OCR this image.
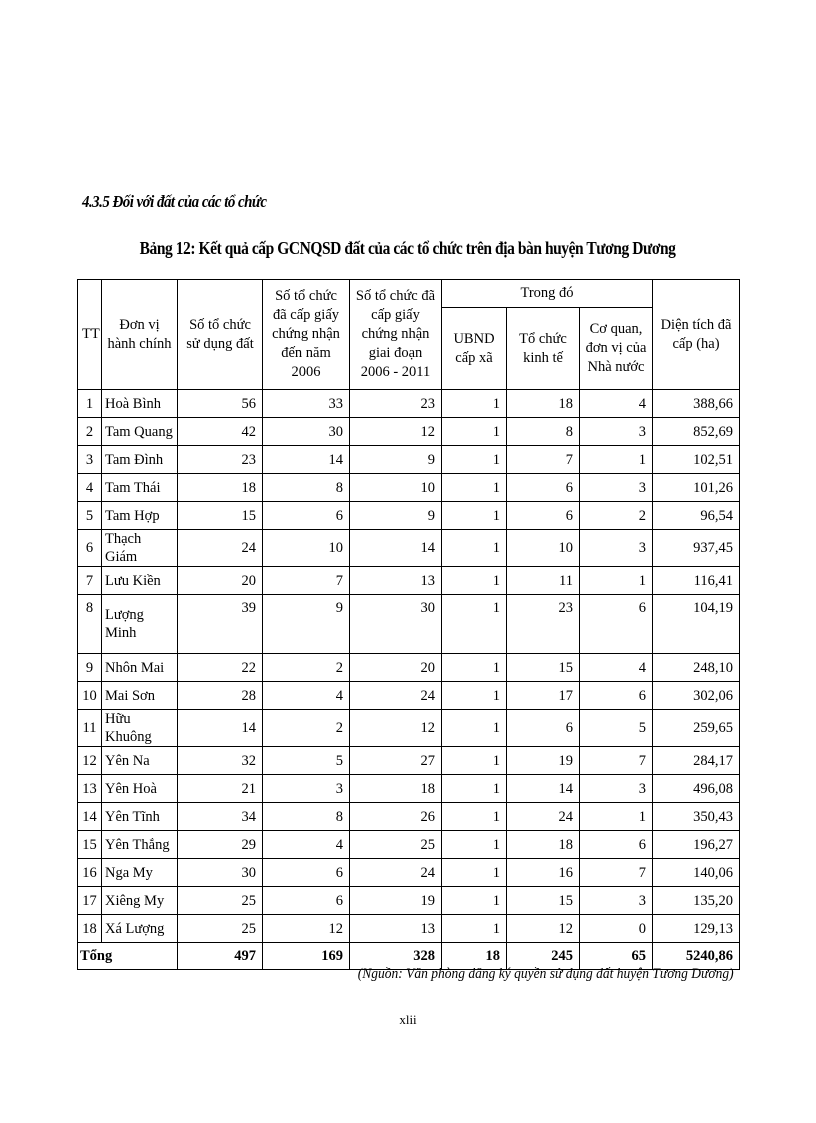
4.3.5 Đối với đất của các tổ chức
Bảng 12: Kết quả cấp GCNQSD đất của các tổ chức trên địa bàn huyện Tương Dương
TT	Đơn vị hành chính	Số tổ chức sử dụng đất	Số tổ chức đã cấp giấy chứng nhận đến năm 2006	Số tổ chức đã cấp giấy chứng nhận giai đoạn 2006 - 2011	Trong đó			Diện tích đã cấp (ha)
					UBND cấp xã	Tổ chức kinh tế	Cơ quan, đơn vị của Nhà nước	
1	Hoà Bình	56	33	23	1	18	4	388,66
2	Tam Quang	42	30	12	1	8	3	852,69
3	Tam Đình	23	14	9	1	7	1	102,51
4	Tam Thái	18	8	10	1	6	3	101,26
5	Tam Hợp	15	6	9	1	6	2	96,54
6	Thạch Giám	24	10	14	1	10	3	937,45
7	Lưu Kiền	20	7	13	1	11	1	116,41
8	Lượng Minh	39	9	30	1	23	6	104,19
9	Nhôn Mai	22	2	20	1	15	4	248,10
10	Mai Sơn	28	4	24	1	17	6	302,06
11	Hữu Khuông	14	2	12	1	6	5	259,65
12	Yên Na	32	5	27	1	19	7	284,17
13	Yên Hoà	21	3	18	1	14	3	496,08
14	Yên Tĩnh	34	8	26	1	24	1	350,43
15	Yên Thắng	29	4	25	1	18	6	196,27
16	Nga My	30	6	24	1	16	7	140,06
17	Xiêng My	25	6	19	1	15	3	135,20
18	Xá Lượng	25	12	13	1	12	0	129,13
Tổng		497	169	328	18	245	65	5240,86
(Nguồn: Văn phòng đăng ký quyền sử dụng đất huyện Tương Dương)
xlii
